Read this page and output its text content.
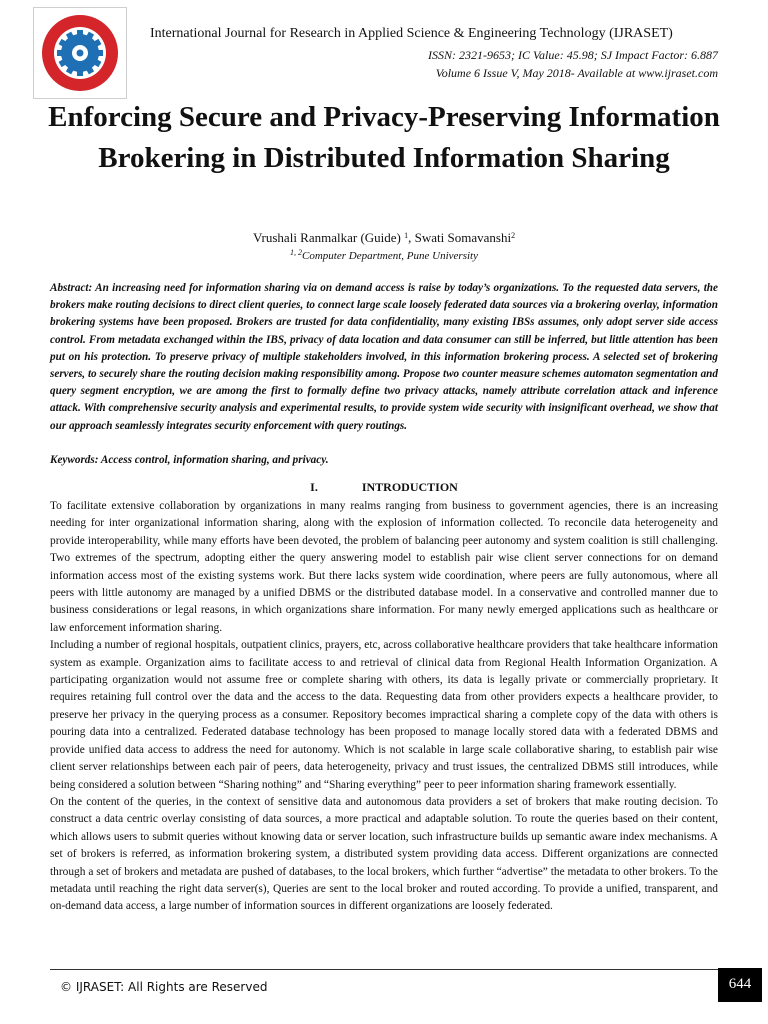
International Journal for Research in Applied Science & Engineering Technology (IJRASET)
ISSN: 2321-9653; IC Value: 45.98; SJ Impact Factor: 6.887
Volume 6 Issue V, May 2018- Available at www.ijraset.com
Enforcing Secure and Privacy-Preserving Information Brokering in Distributed Information Sharing
Vrushali Ranmalkar (Guide) $^1$, Swati Somavanshi$^2$
$^{1, 2}$Computer Department, Pune University

Abstract: An increasing need for information sharing via on demand access is raise by today’s organizations. To the requested data servers, the brokers make routing decisions to direct client queries, to connect large scale loosely federated data sources via a brokering overlay, information brokering systems have been proposed. Brokers are trusted for data confidentiality, many existing IBSs assumes, only adopt server side access control. From metadata exchanged within the IBS, privacy of data location and data consumer can still be inferred, but little attention has been put on his protection. To preserve privacy of multiple stakeholders involved, in this information brokering process. A selected set of brokering servers, to securely share the routing decision making responsibility among. Propose two counter measure schemes automaton segmentation and query segment encryption, we are among the first to formally define two privacy attacks, namely attribute correlation attack and inference attack. With comprehensive security analysis and experimental results, to provide system wide security with insignificant overhead, we show that our approach seamlessly integrates security enforcement with query routings.

Keywords: Access control, information sharing, and privacy.
I.	INTRODUCTION

To facilitate extensive collaboration by organizations in many realms ranging from business to government agencies, there is an increasing needing for inter organizational information sharing, along with the explosion of information collected. To reconcile data heterogeneity and provide interoperability, while many efforts have been devoted, the problem of balancing peer autonomy and system coalition is still challenging. Two extremes of the spectrum, adopting either the query answering model to establish pair wise client server connections for on demand information access most of the existing systems work. But there lacks system wide coordination, where peers are fully autonomous, where all peers with little autonomy are managed by a unified DBMS or the distributed database model. In a conservative and controlled manner due to business considerations or legal reasons, in which organizations share information. For many newly emerged applications such as healthcare or law enforcement information sharing.

Including a number of regional hospitals, outpatient clinics, prayers, etc, across collaborative healthcare providers that take healthcare information system as example. Organization aims to facilitate access to and retrieval of clinical data from Regional Health Information Organization. A participating organization would not assume free or complete sharing with others, its data is legally private or commercially proprietary. It requires retaining full control over the data and the access to the data. Requesting data from other providers expects a healthcare provider, to preserve her privacy in the querying process as a consumer. Repository becomes impractical sharing a complete copy of the data with others is pouring data into a centralized. Federated database technology has been proposed to manage locally stored data with a federated DBMS and provide unified data access to address the need for autonomy. Which is not scalable in large scale collaborative sharing, to establish pair wise client server relationships between each pair of peers, data heterogeneity, privacy and trust issues, the centralized DBMS still introduces, while being considered a solution between “Sharing nothing” and “Sharing everything” peer to peer information sharing framework essentially.

On the content of the queries, in the context of sensitive data and autonomous data providers a set of brokers that make routing decision. To construct a data centric overlay consisting of data sources, a more practical and adaptable solution. To route the queries based on their content, which allows users to submit queries without knowing data or server location, such infrastructure builds up semantic aware index mechanisms. A set of brokers is referred, as information brokering system, a distributed system providing data access. Different organizations are connected through a set of brokers and metadata are pushed of databases, to the local brokers, which further “advertise” the metadata to other brokers. To the metadata until reaching the right data server(s), Queries are sent to the local broker and routed according. To provide a unified, transparent, and on-demand data access, a large number of information sources in different organizations are loosely federated.

© IJRASET: All Rights are Reserved	644
